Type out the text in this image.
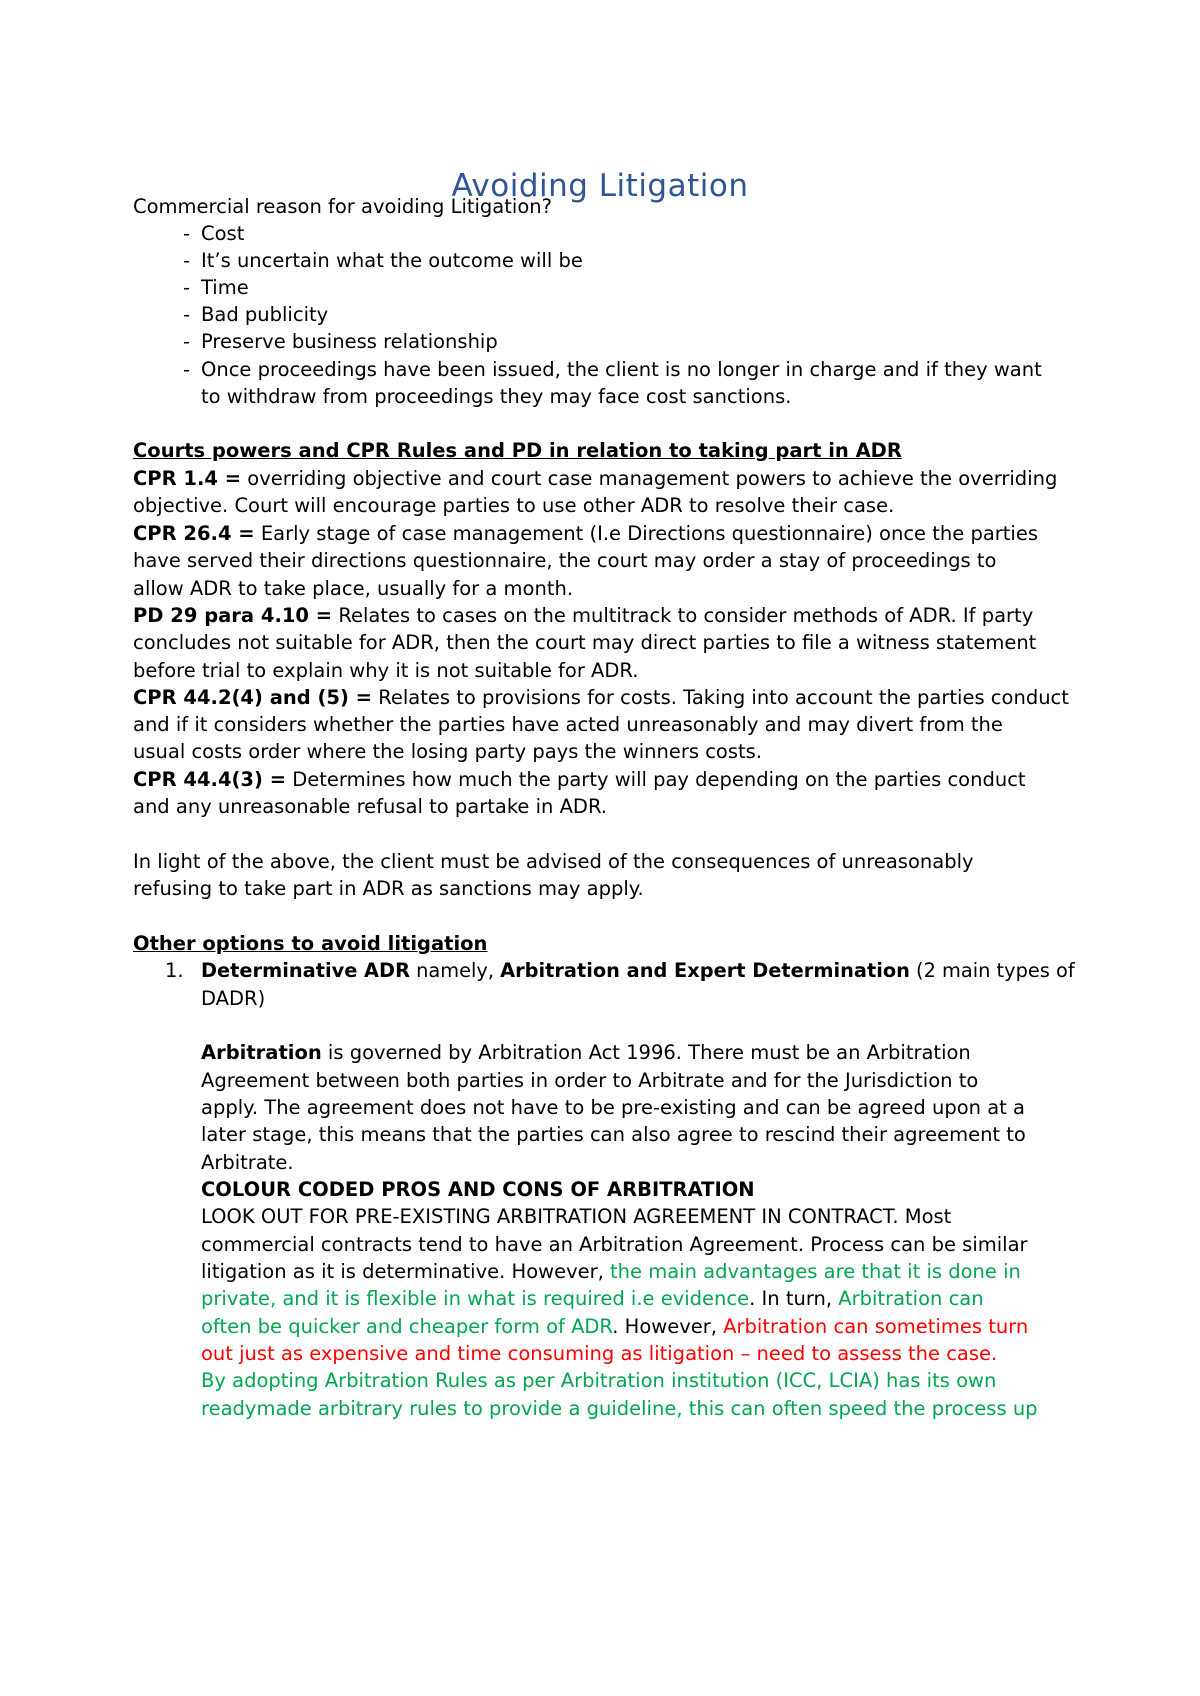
Avoiding Litigation
Commercial reason for avoiding Litigation?
- Cost
- It’s uncertain what the outcome will be
- Time
- Bad publicity
- Preserve business relationship
- Once proceedings have been issued, the client is no longer in charge and if they want
to withdraw from proceedings they may face cost sanctions.
Courts powers and CPR Rules and PD in relation to taking part in ADR
CPR 1.4 = overriding objective and court case management powers to achieve the overriding
objective. Court will encourage parties to use other ADR to resolve their case.
CPR 26.4 = Early stage of case management (I.e Directions questionnaire) once the parties
have served their directions questionnaire, the court may order a stay of proceedings to
allow ADR to take place, usually for a month.
PD 29 para 4.10 = Relates to cases on the multitrack to consider methods of ADR. If party
concludes not suitable for ADR, then the court may direct parties to file a witness statement
before trial to explain why it is not suitable for ADR.
CPR 44.2(4) and (5) = Relates to provisions for costs. Taking into account the parties conduct
and if it considers whether the parties have acted unreasonably and may divert from the
usual costs order where the losing party pays the winners costs.
CPR 44.4(3) = Determines how much the party will pay depending on the parties conduct
and any unreasonable refusal to partake in ADR.
In light of the above, the client must be advised of the consequences of unreasonably
refusing to take part in ADR as sanctions may apply.
Other options to avoid litigation
1. Determinative ADR namely, Arbitration and Expert Determination (2 main types of
DADR)
Arbitration is governed by Arbitration Act 1996. There must be an Arbitration
Agreement between both parties in order to Arbitrate and for the Jurisdiction to
apply. The agreement does not have to be pre-existing and can be agreed upon at a
later stage, this means that the parties can also agree to rescind their agreement to
Arbitrate.
COLOUR CODED PROS AND CONS OF ARBITRATION
LOOK OUT FOR PRE-EXISTING ARBITRATION AGREEMENT IN CONTRACT. Most
commercial contracts tend to have an Arbitration Agreement. Process can be similar
litigation as it is determinative. However, the main advantages are that it is done in
private, and it is flexible in what is required i.e evidence. In turn, Arbitration can
often be quicker and cheaper form of ADR. However, Arbitration can sometimes turn
out just as expensive and time consuming as litigation – need to assess the case.
By adopting Arbitration Rules as per Arbitration institution (ICC, LCIA) has its own
readymade arbitrary rules to provide a guideline, this can often speed the process up
